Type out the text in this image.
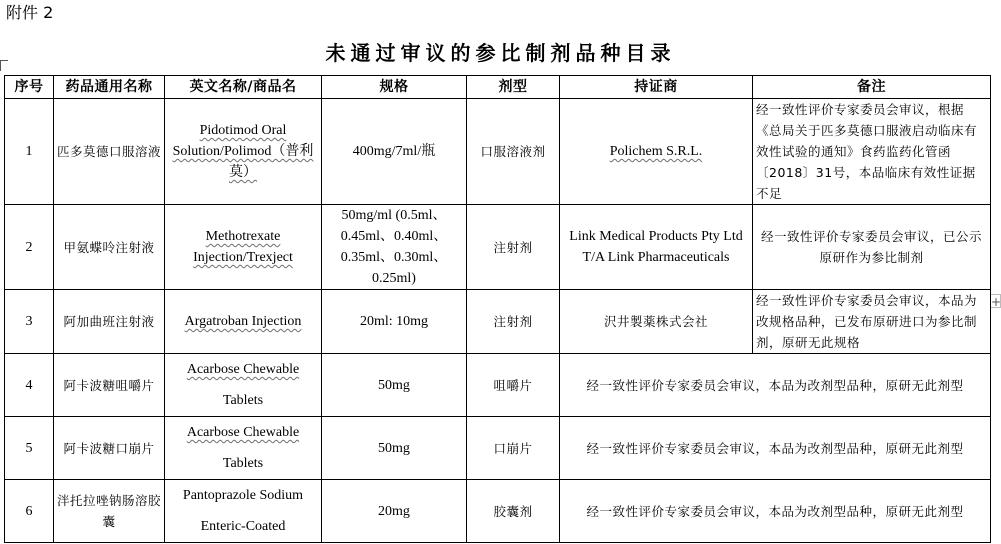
附件 2
未通过审议的参比制剂品种目录
+
序号	药品通用名称	英文名称/商品名	规格	剂型	持证商	备注
1	匹多莫德口服溶液	Pidotimod Oral Solution/Polimod（普利莫）	400mg/7ml/瓶	口服溶液剂	Polichem S.R.L.	经一致性评价专家委员会审议，根据《总局关于匹多莫德口服液启动临床有效性试验的通知》食药监药化管函〔2018〕31号，本品临床有效性证据不足
2	甲氨蝶呤注射液	Methotrexate Injection/Trexject	50mg/ml (0.5ml、0.45ml、0.40ml、0.35ml、0.30ml、0.25ml)	注射剂	Link Medical Products Pty Ltd T/A Link Pharmaceuticals	经一致性评价专家委员会审议，已公示原研作为参比制剂
3	阿加曲班注射液	Argatroban Injection	20ml: 10mg	注射剂	沢井製薬株式会社	经一致性评价专家委员会审议，本品为改规格品种，已发布原研进口为参比制剂，原研无此规格
4	阿卡波糖咀嚼片	Acarbose Chewable
Tablets	50mg	咀嚼片	经一致性评价专家委员会审议，本品为改剂型品种，原研无此剂型	
5	阿卡波糖口崩片	Acarbose Chewable
Tablets	50mg	口崩片	经一致性评价专家委员会审议，本品为改剂型品种，原研无此剂型	
6	泮托拉唑钠肠溶胶囊	Pantoprazole Sodium
Enteric-Coated	20mg	胶囊剂	经一致性评价专家委员会审议，本品为改剂型品种，原研无此剂型	
